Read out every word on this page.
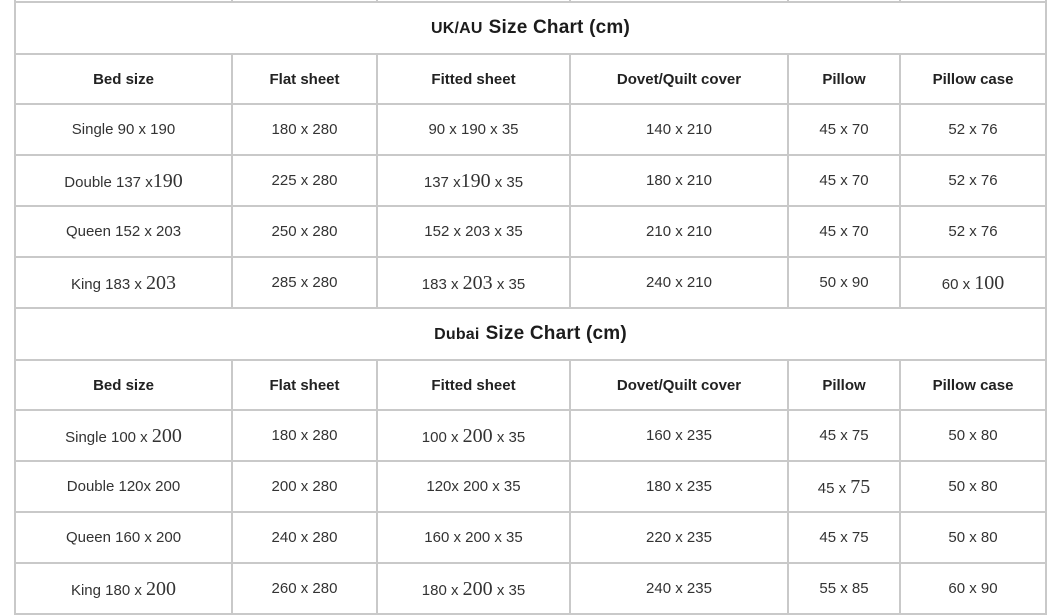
UK/AU Size Chart (cm)					
Bed size	Flat sheet	Fitted sheet	Dovet/Quilt cover	Pillow	Pillow case
Single 90 x 190	180 x 280	90 x 190 x 35	140 x 210	45 x 70	52 x 76
Double 137 x190	225 x 280	137 x190 x 35	180 x 210	45 x 70	52 x 76
Queen 152 x 203	250 x 280	152 x 203 x 35	210 x 210	45 x 70	52 x 76
King 183 x 203	285 x 280	183 x 203 x 35	240 x 210	50 x 90	60 x 100
Dubai Size Chart (cm)					
Bed size	Flat sheet	Fitted sheet	Dovet/Quilt cover	Pillow	Pillow case
Single 100 x 200	180 x 280	100 x 200 x 35	160 x 235	45 x 75	50 x 80
Double 120x 200	200 x 280	120x 200 x 35	180 x 235	45 x 75	50 x 80
Queen 160 x 200	240 x 280	160 x 200 x 35	220 x 235	45 x 75	50 x 80
King 180 x 200	260 x 280	180 x 200 x 35	240 x 235	55 x 85	60 x 90
